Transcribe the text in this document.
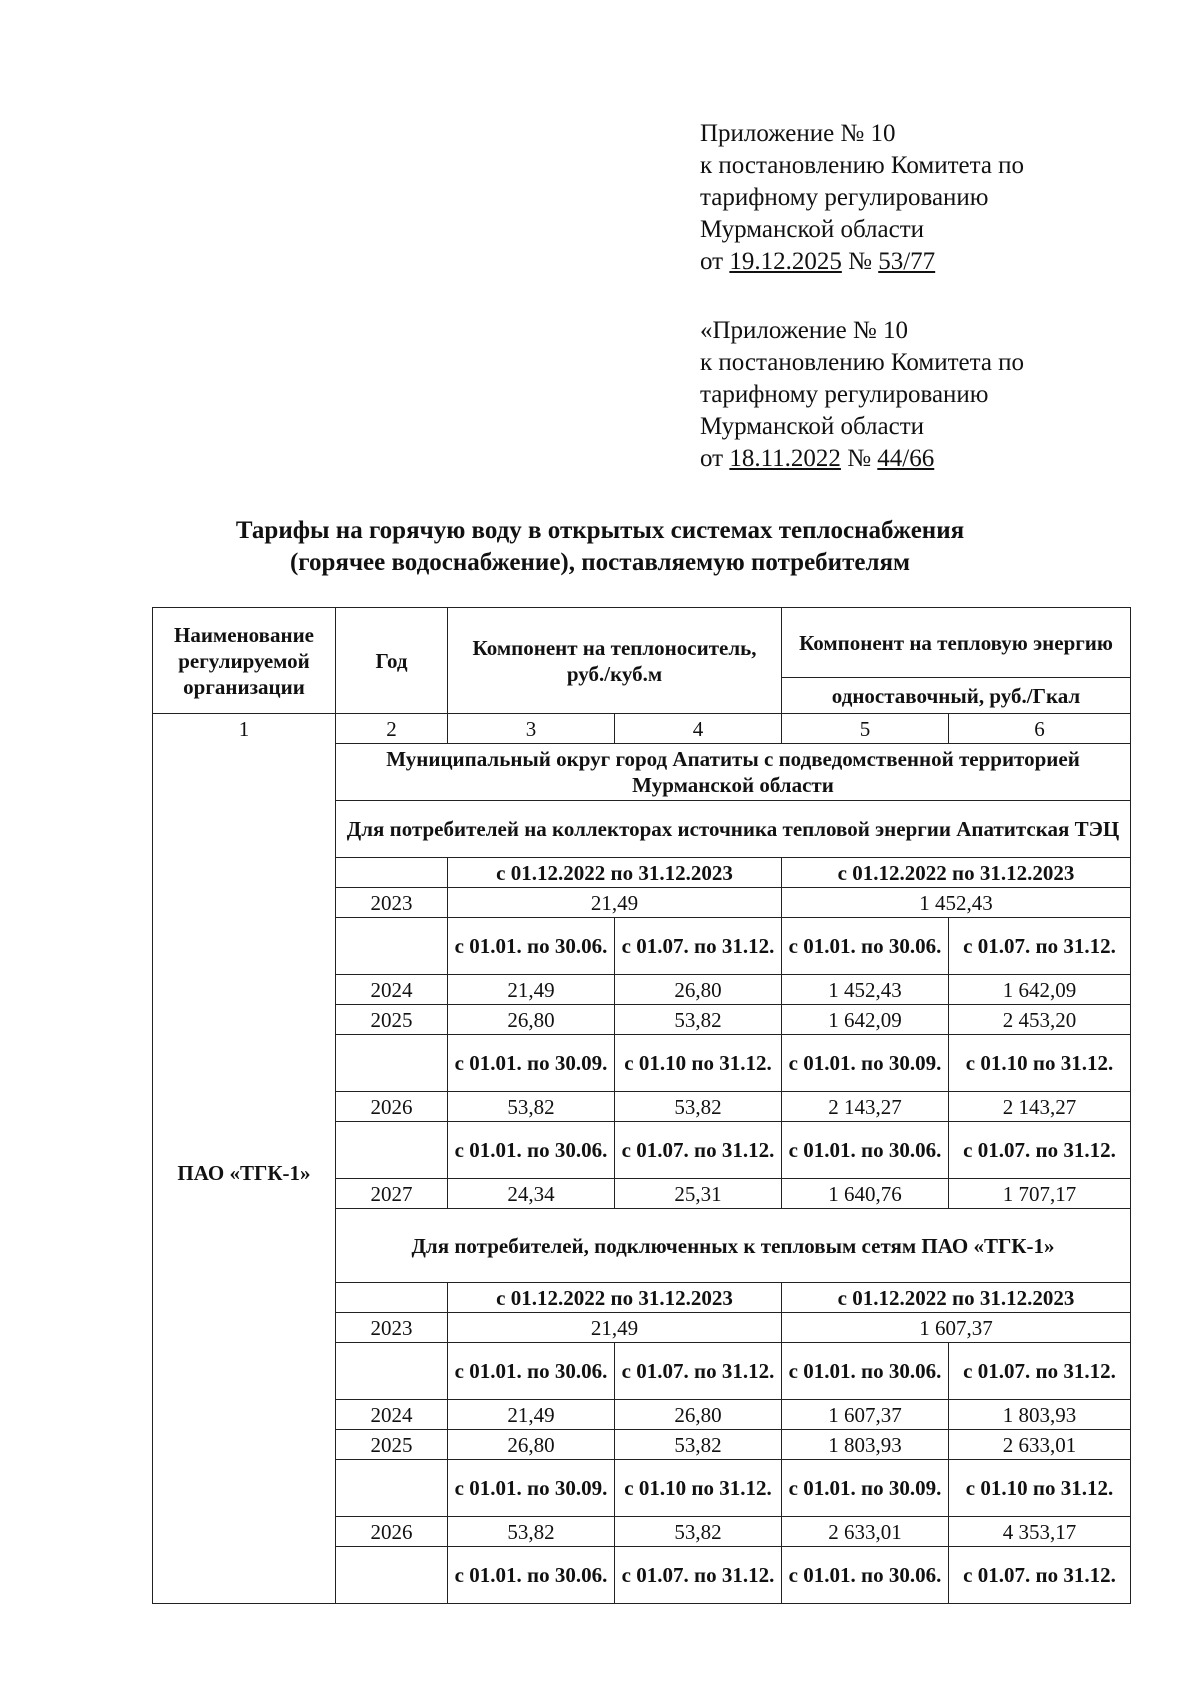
Приложение № 10
к постановлению Комитета по
тарифному регулированию
Мурманской области
от 19.12.2025 № 53/77
«Приложение № 10
к постановлению Комитета по
тарифному регулированию
Мурманской области
от 18.11.2022 № 44/66
Тарифы на горячую воду в открытых системах теплоснабжения
(горячее водоснабжение), поставляемую потребителям
Наименование регулируемой организации	Год	Компонент на теплоноситель, руб./куб.м		Компонент на тепловую энергию	
				одноставочный, руб./Гкал	
1	2	3	4	5	6
ПАО «ТГК-1»	Муниципальный округ город Апатиты с подведомственной территорией Мурманской области				
	Для потребителей на коллекторах источника тепловой энергии Апатитская ТЭЦ				
		с 01.12.2022 по 31.12.2023		с 01.12.2022 по 31.12.2023	
	2023	21,49		1 452,43	
		с 01.01. по 30.06.	с 01.07. по 31.12.	с 01.01. по 30.06.	с 01.07. по 31.12.
	2024	21,49	26,80	1 452,43	1 642,09
	2025	26,80	53,82	1 642,09	2 453,20
		с 01.01. по 30.09.	с 01.10 по 31.12.	с 01.01. по 30.09.	с 01.10 по 31.12.
	2026	53,82	53,82	2 143,27	2 143,27
		с 01.01. по 30.06.	с 01.07. по 31.12.	с 01.01. по 30.06.	с 01.07. по 31.12.
	2027	24,34	25,31	1 640,76	1 707,17
	Для потребителей, подключенных к тепловым сетям ПАО «ТГК-1»				
		с 01.12.2022 по 31.12.2023		с 01.12.2022 по 31.12.2023	
	2023	21,49		1 607,37	
		с 01.01. по 30.06.	с 01.07. по 31.12.	с 01.01. по 30.06.	с 01.07. по 31.12.
	2024	21,49	26,80	1 607,37	1 803,93
	2025	26,80	53,82	1 803,93	2 633,01
		с 01.01. по 30.09.	с 01.10 по 31.12.	с 01.01. по 30.09.	с 01.10 по 31.12.
	2026	53,82	53,82	2 633,01	4 353,17
		с 01.01. по 30.06.	с 01.07. по 31.12.	с 01.01. по 30.06.	с 01.07. по 31.12.
